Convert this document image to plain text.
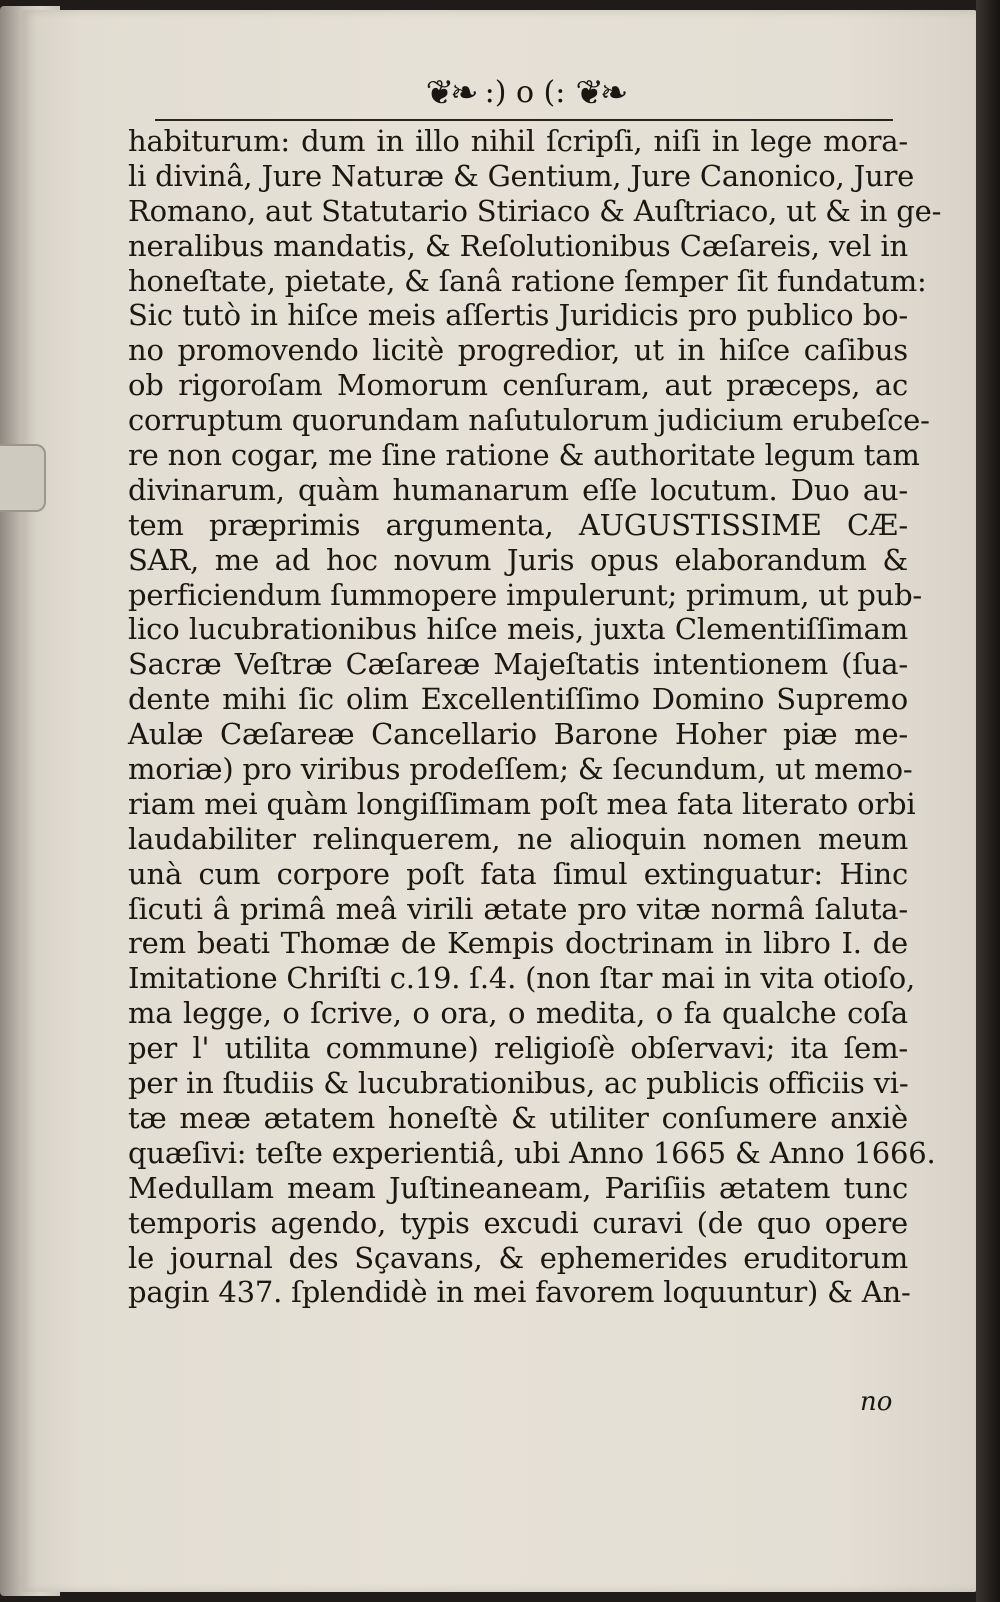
❦❧ :) o (: ❦❧
habiturum: dum in illo nihil ſcripſi, niſi in lege mora-
li divinâ, Jure Naturæ & Gentium, Jure Canonico, Jure
Romano, aut Statutario Stiriaco & Auſtriaco, ut & in ge-
neralibus mandatis, & Reſolutionibus Cæſareis, vel in
honeſtate, pietate, & ſanâ ratione ſemper ſit fundatum:
Sic tutò in hiſce meis aſſertis Juridicis pro publico bo-
no promovendo licitè progredior, ut in hiſce caſibus
ob rigoroſam Momorum cenſuram, aut præceps, ac
corruptum quorundam naſutulorum judicium erubeſce-
re non cogar, me ſine ratione & authoritate legum tam
divinarum, quàm humanarum eſſe locutum. Duo au-
tem præprimis argumenta, AUGUSTISSIME CÆ-
SAR, me ad hoc novum Juris opus elaborandum &
perficiendum ſummopere impulerunt; primum, ut pub-
lico lucubrationibus hiſce meis, juxta Clementiſſimam
Sacræ Veſtræ Cæſareæ Majeſtatis intentionem (ſua-
dente mihi ſic olim Excellentiſſimo Domino Supremo
Aulæ Cæſareæ Cancellario Barone Hoher piæ me-
moriæ) pro viribus prodeſſem; & ſecundum, ut memo-
riam mei quàm longiſſimam poſt mea fata literato orbi
laudabiliter relinquerem, ne alioquin nomen meum
unà cum corpore poſt fata ſimul extinguatur: Hinc
ſicuti â primâ meâ virili ætate pro vitæ normâ ſaluta-
rem beati Thomæ de Kempis doctrinam in libro I. de
Imitatione Chriſti c.19. ſ.4. (non ſtar mai in vita otioſo,
ma legge, o ſcrive, o ora, o medita, o fa qualche coſa
per l' utilita commune) religioſè obſervavi; ita ſem-
per in ſtudiis & lucubrationibus, ac publicis officiis vi-
tæ meæ ætatem honeſtè & utiliter conſumere anxiè
quæſivi: teſte experientiâ, ubi Anno 1665 & Anno 1666.
Medullam meam Juſtineaneam, Pariſiis ætatem tunc
temporis agendo, typis excudi curavi (de quo opere
le journal des Sçavans, & ephemerides eruditorum
pagin 437. ſplendidè in mei favorem loquuntur) & An-
no
